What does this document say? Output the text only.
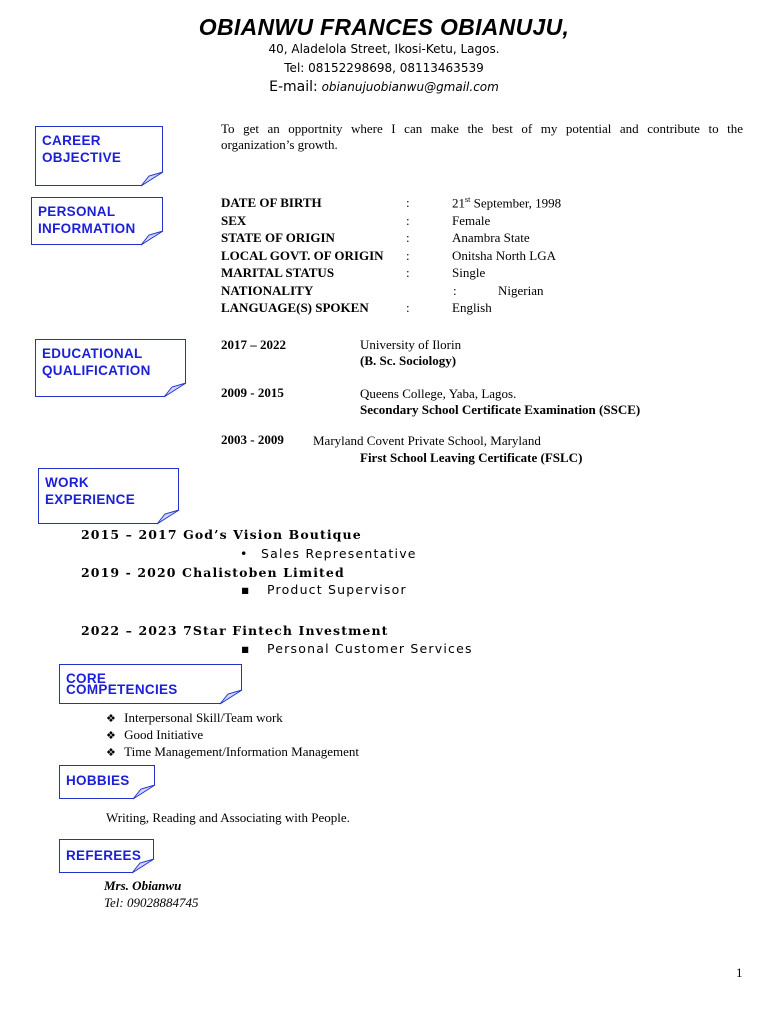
OBIANWU FRANCES OBIANUJU,
40, Aladelola Street, Ikosi-Ketu, Lagos.
Tel: 08152298698, 08113463539
E-mail: obianujuobianwu@gmail.com
CAREER
OBJECTIVE
To get an opportnity where I can make the best of my potential and contribute to the
organization’s growth.
PERSONAL
INFORMATION
DATE OF BIRTH	:	21st September, 1998
SEX	:	Female
STATE OF ORIGIN	:	Anambra State
LOCAL GOVT. OF ORIGIN :	Onitsha North LGA
MARITAL STATUS	:	Single
NATIONALITY	:	Nigerian
LANGUAGE(S) SPOKEN	:	English
EDUCATIONAL
QUALIFICATION
2017 – 2022	University of Ilorin
(B. Sc. Sociology)
2009 - 2015	Queens College, Yaba, Lagos.
Secondary School Certificate Examination (SSCE)
2003 - 2009 Maryland Covent Private School, Maryland
First School Leaving Certificate (FSLC)
WORK
EXPERIENCE
2015 – 2017 God’s Vision Boutique
• Sales Representative
2019 - 2020 Chalistoben Limited
▪ Product Supervisor
2022 – 2023 7Star Fintech Investment
▪ Personal Customer Services
CORE
COMPETENCIES
❖ Interpersonal Skill/Team work
❖ Good Initiative
❖ Time Management/Information Management
HOBBIES
Writing, Reading and Associating with People.
REFEREES
Mrs. Obianwu
Tel: 09028884745
1
